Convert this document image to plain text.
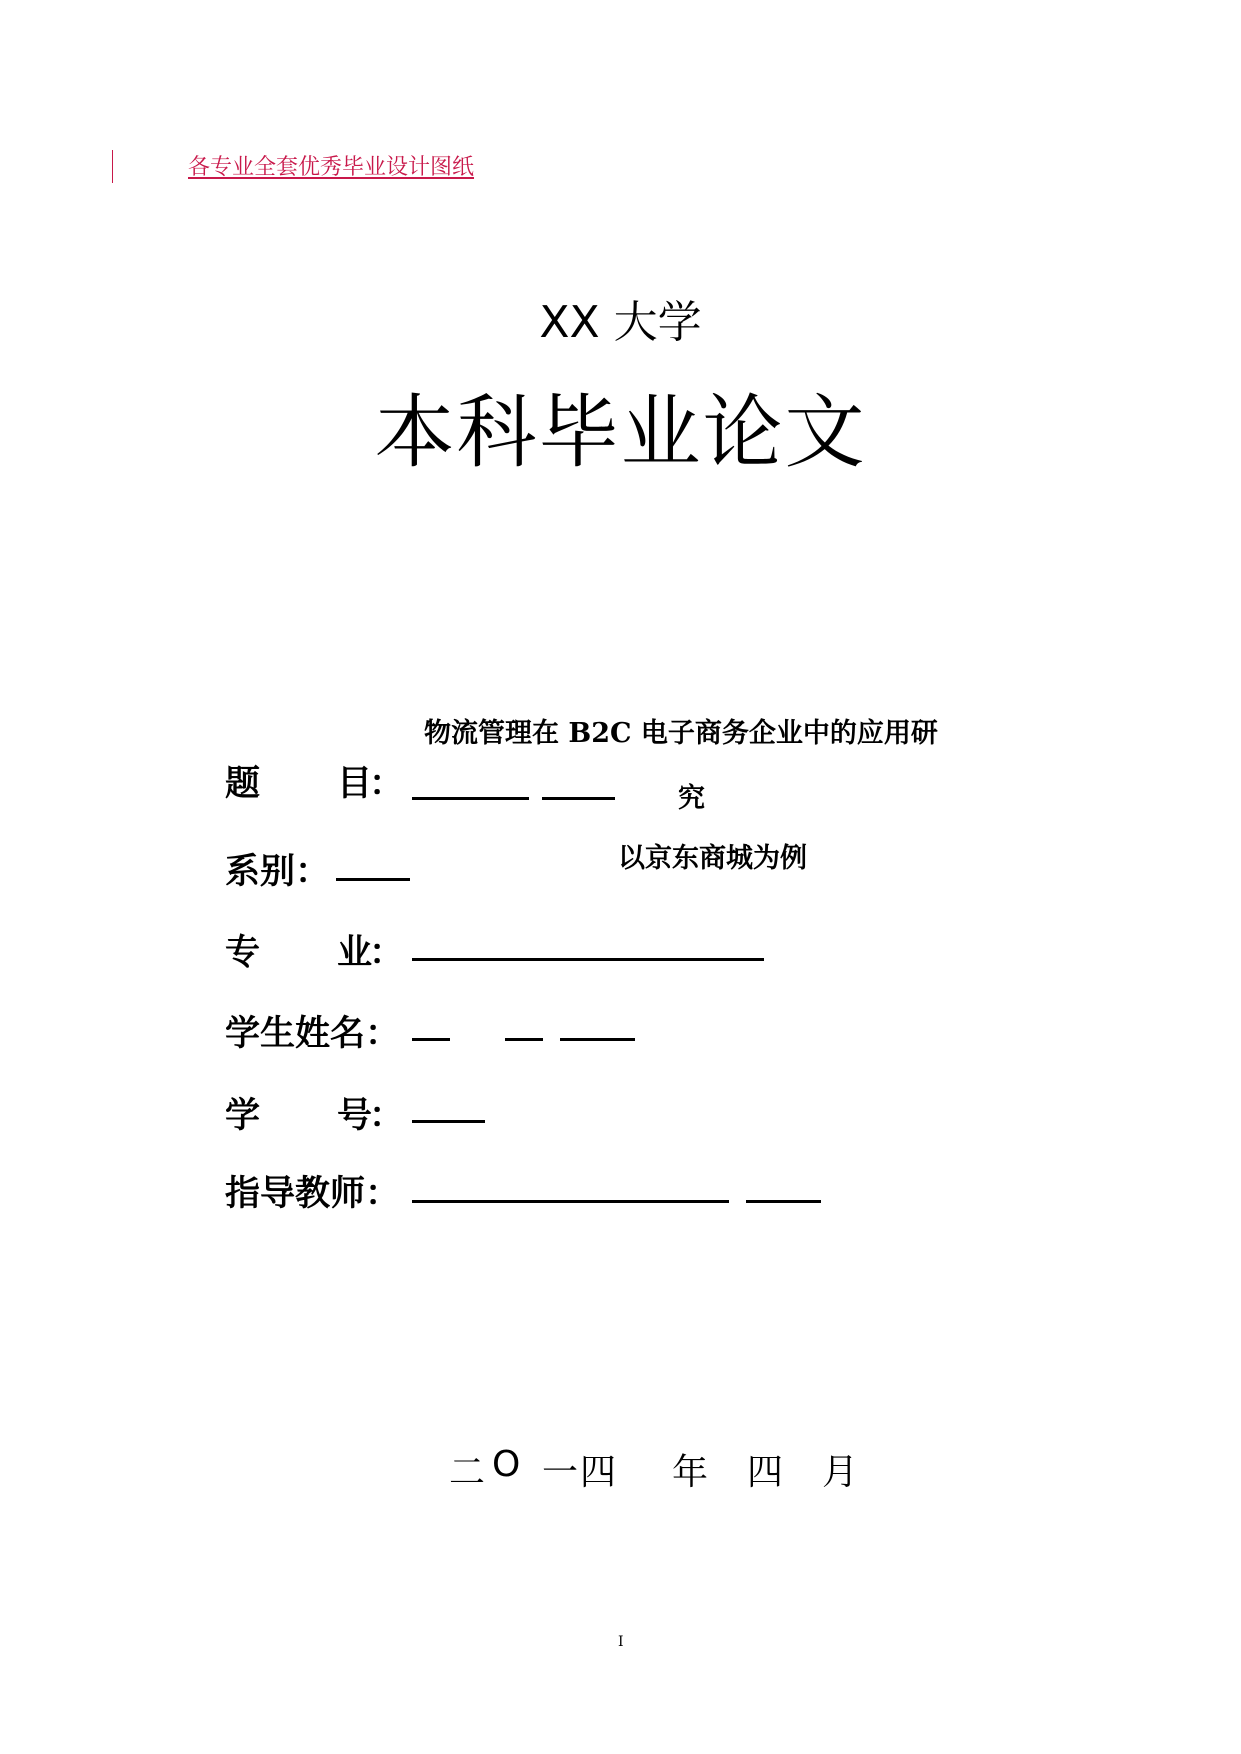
各专业全套优秀毕业设计图纸
XX 大学
本科毕业论文
物流管理在 B2C 电子商务企业中的应用研
究
以京东商城为例
题 目
：
系别：
专 业
：
学生姓名：
学 号
：
指导教师：
二 O 一 四 年 四 月
I
